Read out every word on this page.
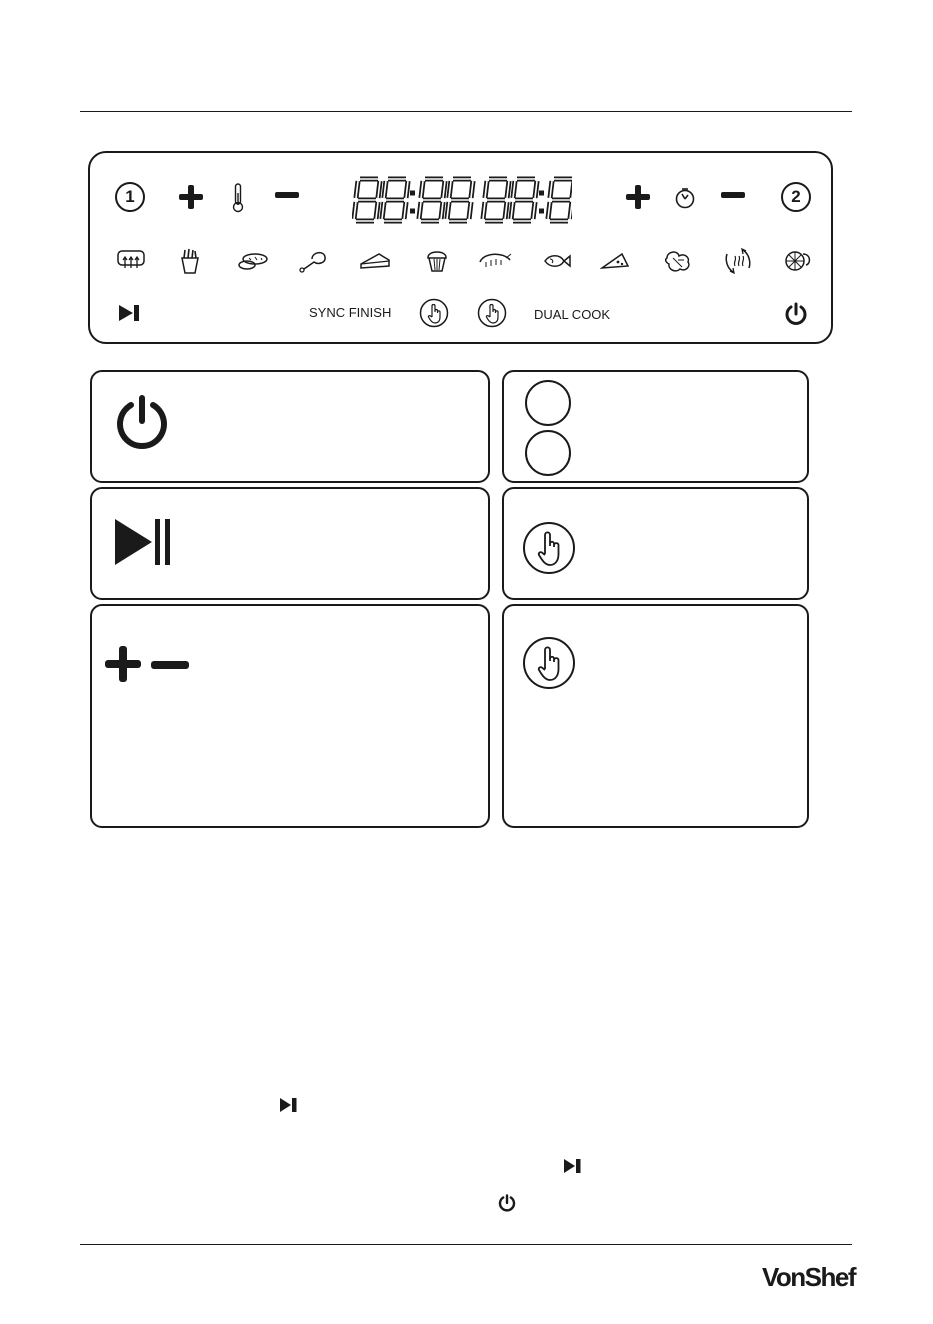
1	2
SYNC FINISH	DUAL COOK
VonShef
